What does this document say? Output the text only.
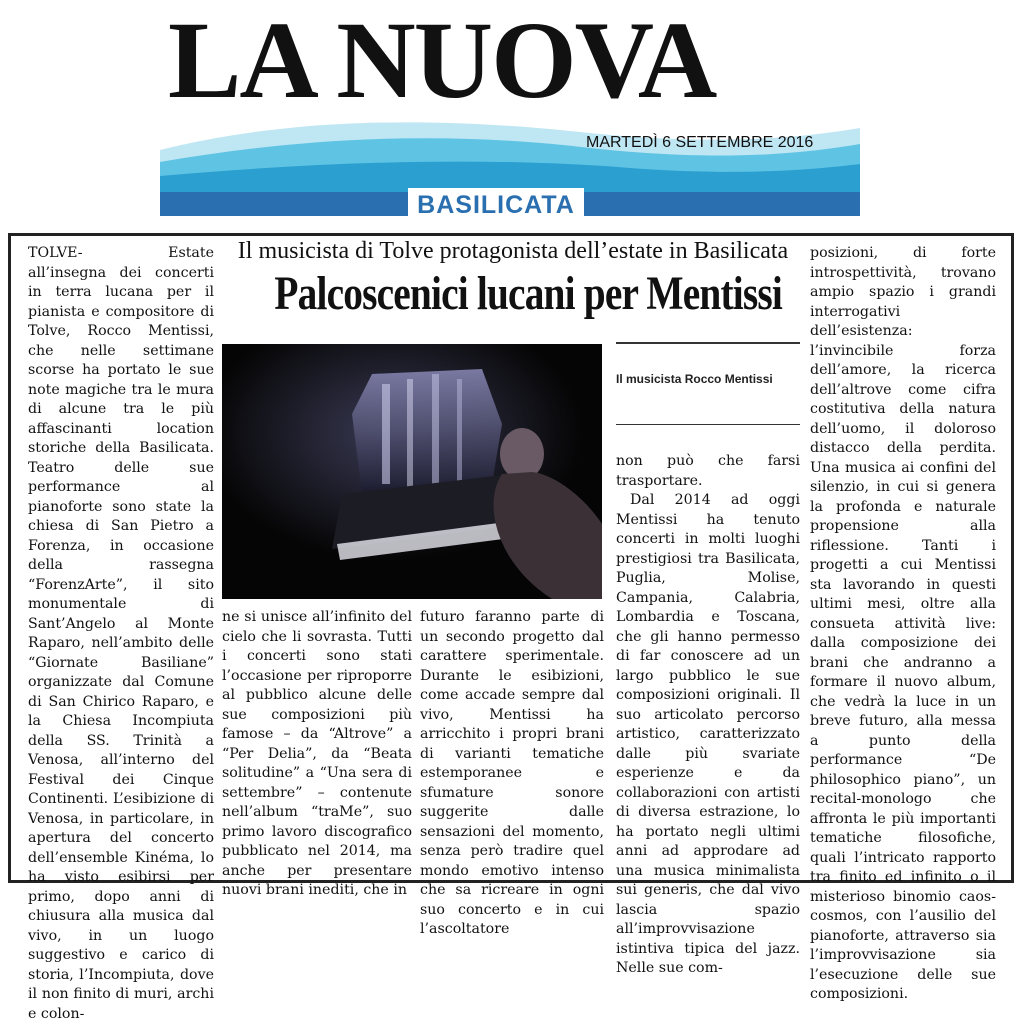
LA NUOVA
MARTEDÌ 6 SETTEMBRE 2016
BASILICATA
Il musicista di Tolve protagonista dell’estate in Basilicata
Palcoscenici lucani per Mentissi
Il musicista Rocco Mentissi

TOLVE- Estate all’insegna dei concerti in terra lucana per il pianista e compositore di Tolve, Rocco Mentissi, che nelle settimane scorse ha portato le sue note magiche tra le mura di alcune tra le più affascinanti location storiche della Basilicata. Teatro delle sue performance al pianoforte sono state la chiesa di San Pietro a Forenza, in occasione della rassegna “ForenzArte”, il sito monumentale di Sant’Angelo al Monte Raparo, nell’ambito delle “Giornate Basiliane” organizzate dal Comune di San Chirico Raparo, e la Chiesa Incompiuta della SS. Trinità a Venosa, all’interno del Festival dei Cinque Continenti. L’esibizione di Venosa, in particolare, in apertura del concerto dell’ensemble Kinéma, lo ha visto esibirsi per primo, dopo anni di chiusura alla musica dal vivo, in un luogo suggestivo e carico di storia, l’Incompiuta, dove il non finito di muri, archi e colon-

ne si unisce all’infinito del cielo che li sovrasta. Tutti i concerti sono stati l’occasione per riproporre al pubblico alcune delle sue composizioni più famose – da “Altrove” a “Per Delia”, da “Beata solitudine” a “Una sera di settembre” – contenute nell’album “traMe”, suo primo lavoro discografico pubblicato nel 2014, ma anche per presentare nuovi brani inediti, che in

futuro faranno parte di un secondo progetto dal carattere sperimentale. Durante le esibizioni, come accade sempre dal vivo, Mentissi ha arricchito i propri brani di varianti tematiche estemporanee e sfumature sonore suggerite dalle sensazioni del momento, senza però tradire quel mondo emotivo intenso che sa ricreare in ogni suo concerto e in cui l’ascoltatore

non può che farsi trasportare.

Dal 2014 ad oggi Mentissi ha tenuto concerti in molti luoghi prestigiosi tra Basilicata, Puglia, Molise, Campania, Calabria, Lombardia e Toscana, che gli hanno permesso di far conoscere ad un largo pubblico le sue composizioni originali. Il suo articolato percorso artistico, caratterizzato dalle più svariate esperienze e da collaborazioni con artisti di diversa estrazione, lo ha portato negli ultimi anni ad approdare ad una musica minimalista sui generis, che dal vivo lascia spazio all’improvvisazione istintiva tipica del jazz. Nelle sue com-

posizioni, di forte introspettività, trovano ampio spazio i grandi interrogativi dell’esistenza: l’invincibile forza dell’amore, la ricerca dell’altrove come cifra costitutiva della natura dell’uomo, il doloroso distacco della perdita. Una musica ai confini del silenzio, in cui si genera la profonda e naturale propensione alla riflessione. Tanti i progetti a cui Mentissi sta lavorando in questi ultimi mesi, oltre alla consueta attività live: dalla composizione dei brani che andranno a formare il nuovo album, che vedrà la luce in un breve futuro, alla messa a punto della performance “De philosophico piano”, un recital-monologo che affronta le più importanti tematiche filosofiche, quali l’intricato rapporto tra finito ed infinito o il misterioso binomio caos-cosmos, con l’ausilio del pianoforte, attraverso sia l’improvvisazione sia l’esecuzione delle sue composizioni.
